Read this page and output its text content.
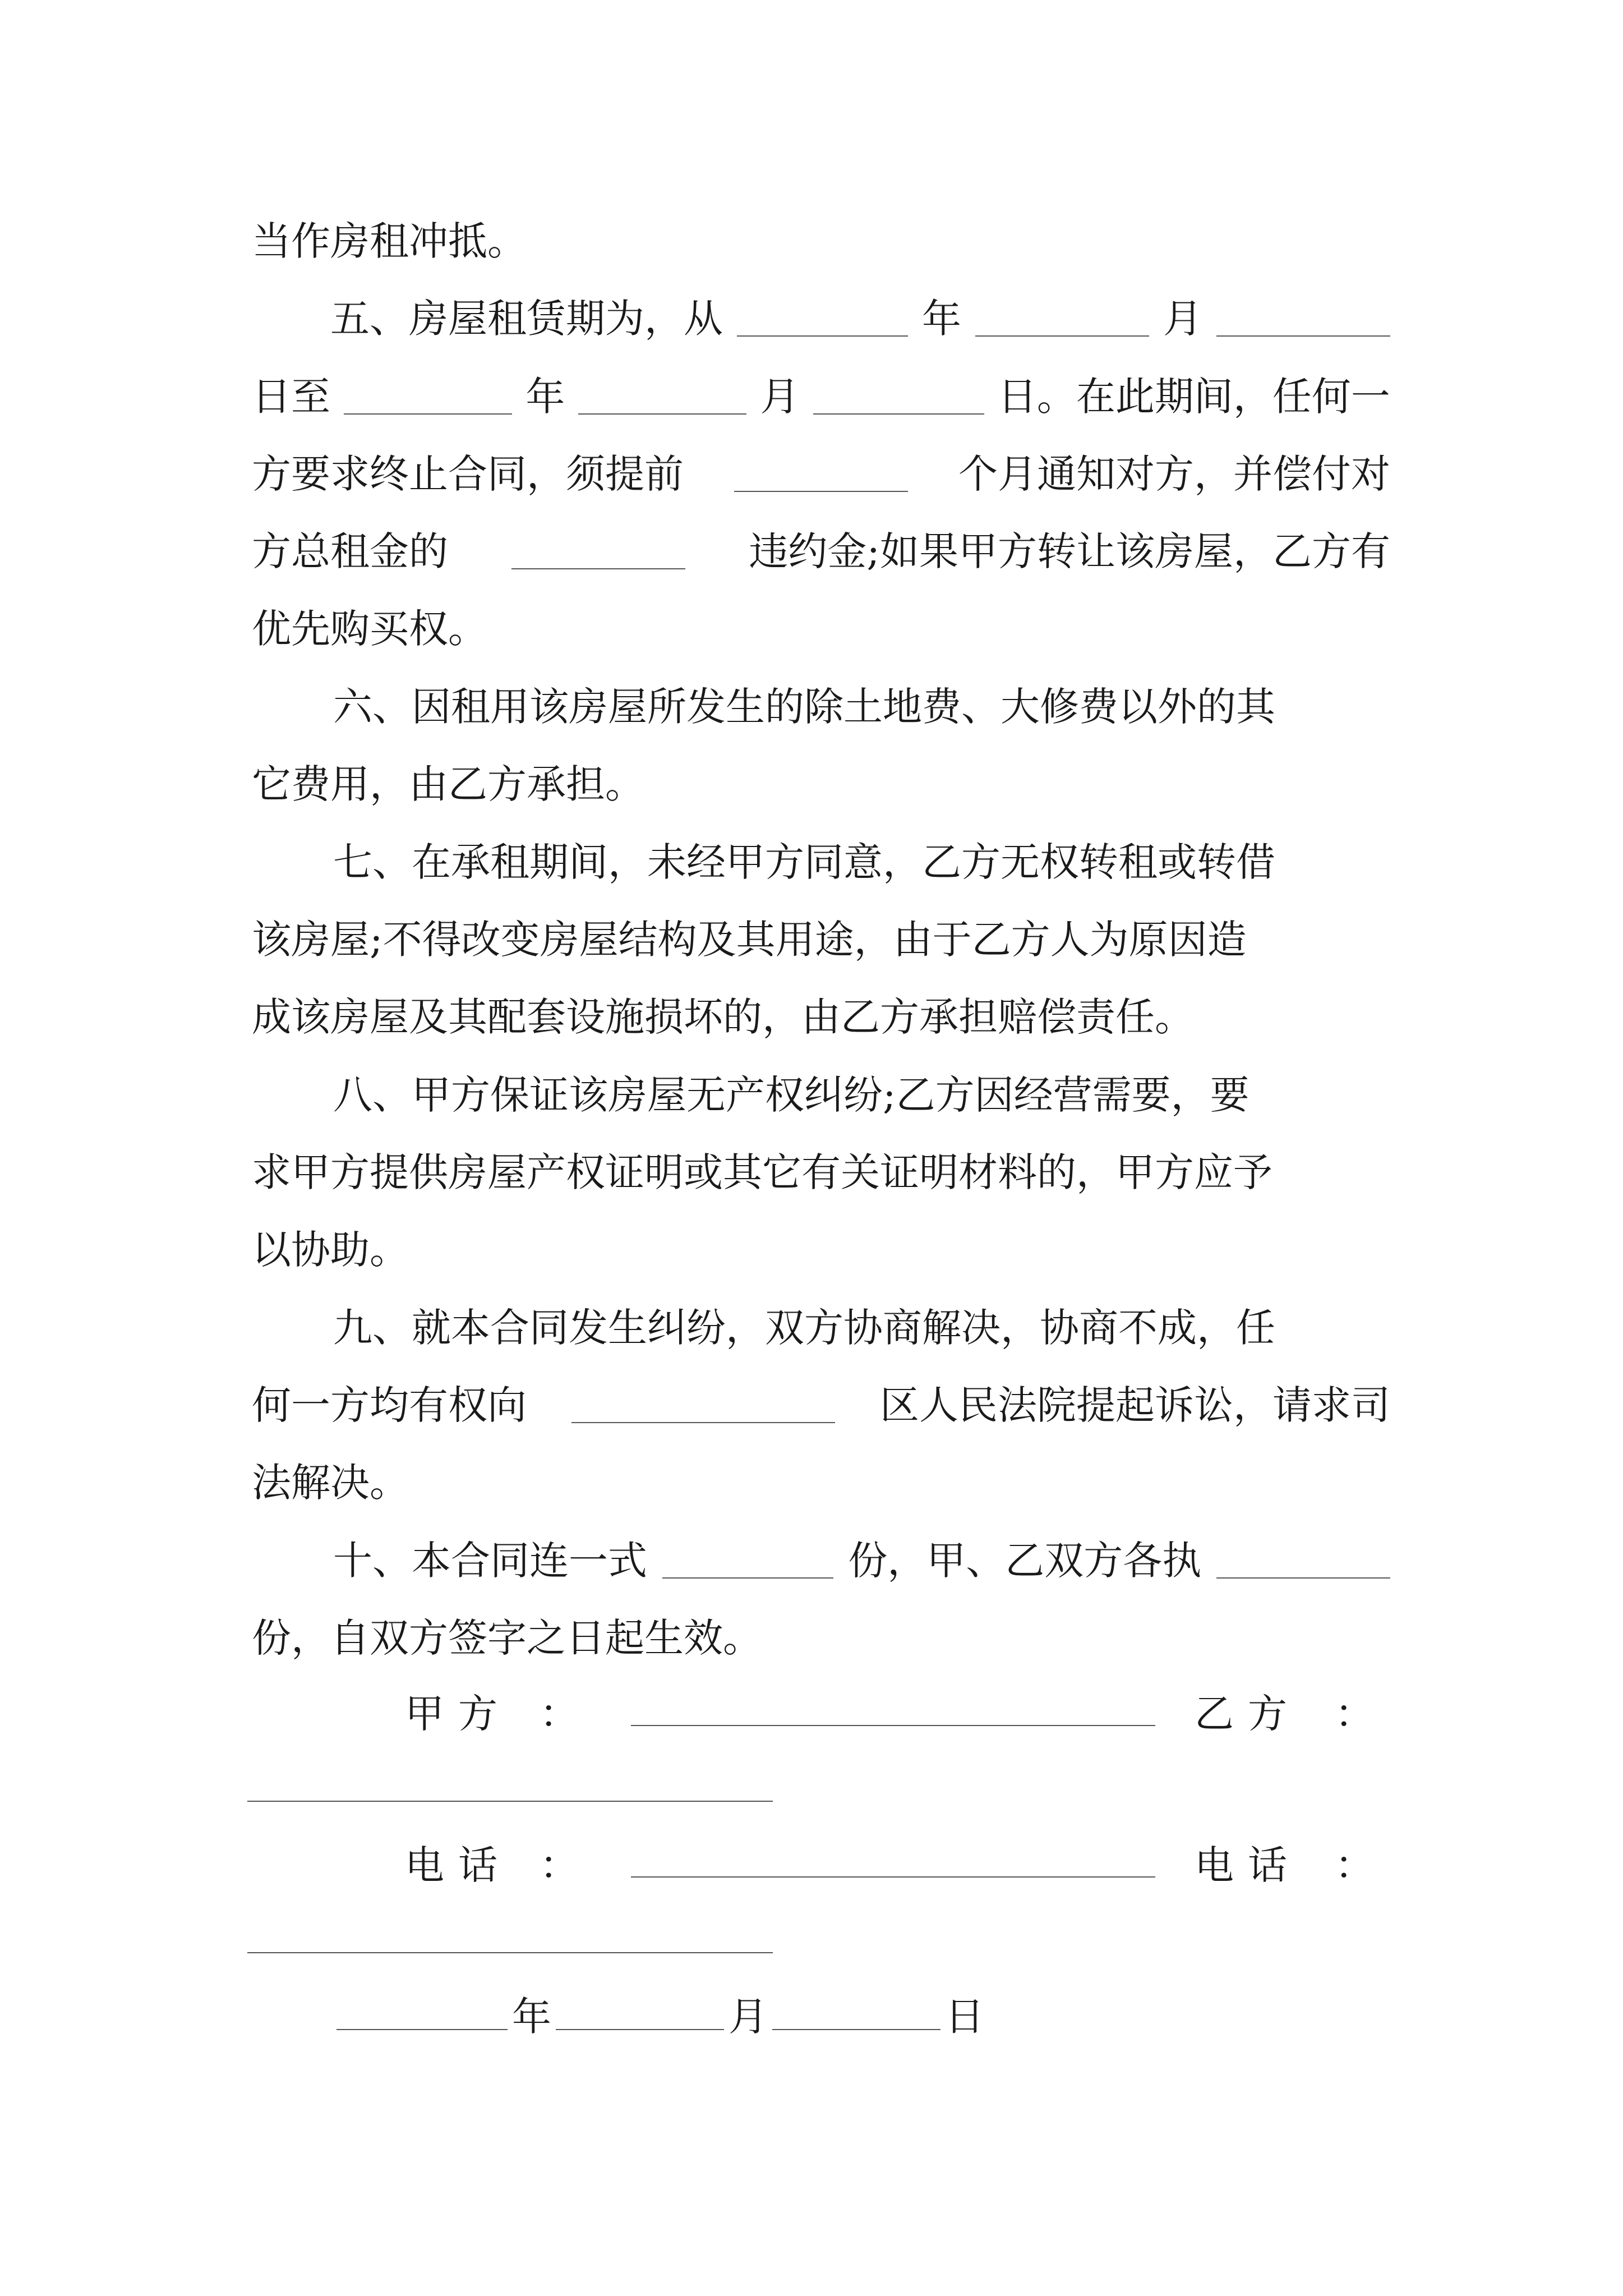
当作房租冲抵。
五、房屋租赁期为，从	年	月
日至	年	月	日。在此期间，任何一
方要求终止合同，须提前	个月通知对方，并偿付对
方总租金的	违约金;如果甲方转让该房屋，乙方有
优先购买权。
六、因租用该房屋所发生的除土地费、大修费以外的其
它费用，由乙方承担。
七、在承租期间，未经甲方同意，乙方无权转租或转借
该房屋;不得改变房屋结构及其用途，由于乙方人为原因造
成该房屋及其配套设施损坏的，由乙方承担赔偿责任。
八、甲方保证该房屋无产权纠纷;乙方因经营需要，要
求甲方提供房屋产权证明或其它有关证明材料的，甲方应予
以协助。
九、就本合同发生纠纷，双方协商解决，协商不成，任
何一方均有权向	区人民法院提起诉讼，请求司
法解决。
十、本合同连一式	份，甲、乙双方各执
份，自双方签字之日起生效。
甲 方 ：	乙 方 ：
电 话 ：	电 话 ：
年	月	日
